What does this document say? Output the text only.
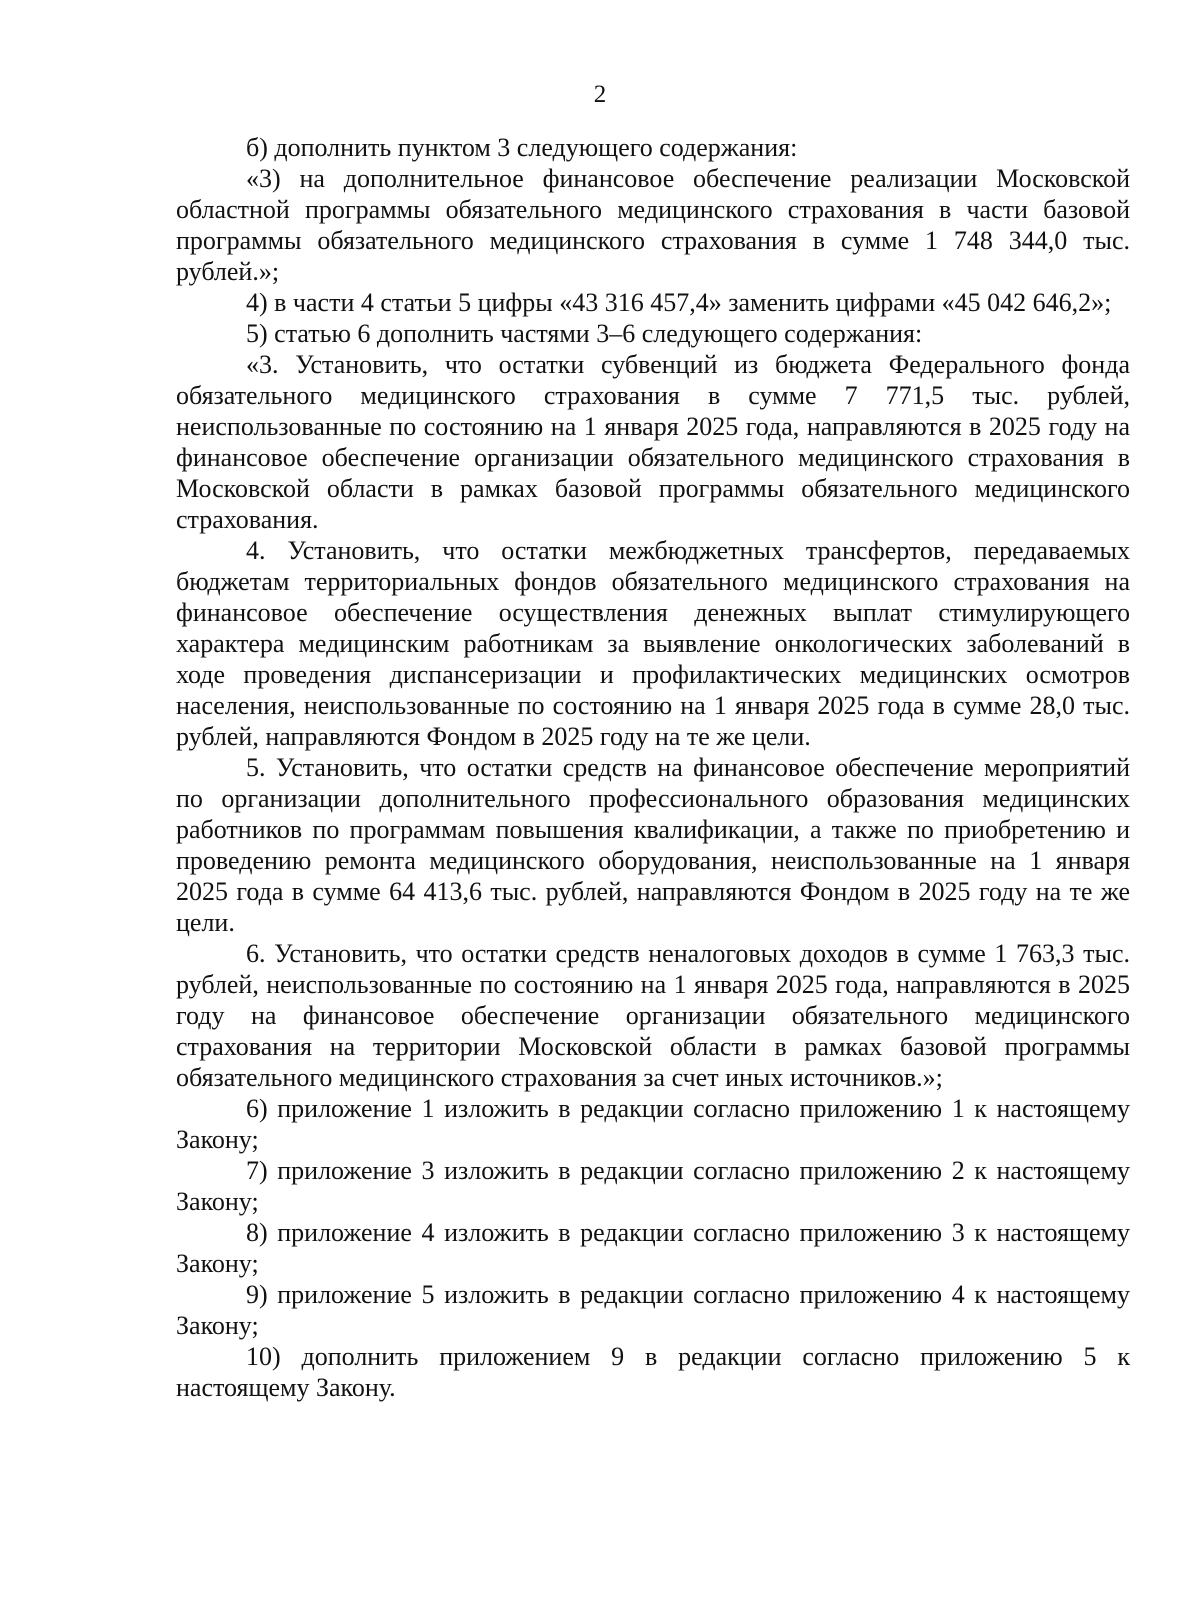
2

б) дополнить пунктом 3 следующего содержания:

«3) на дополнительное финансовое обеспечение реализации Московской областной программы обязательного медицинского страхования в части базовой программы обязательного медицинского страхования в сумме 1 748 344,0 тыс. рублей.»;

4) в части 4 статьи 5 цифры «43 316 457,4» заменить цифрами «45 042 646,2»;

5) статью 6 дополнить частями 3–6 следующего содержания:

«3. Установить, что остатки субвенций из бюджета Федерального фонда обязательного медицинского страхования в сумме 7 771,5 тыс. рублей, неиспользованные по состоянию на 1 января 2025 года, направляются в 2025 году на финансовое обеспечение организации обязательного медицинского страхования в Московской области в рамках базовой программы обязательного медицинского страхования.

4. Установить, что остатки межбюджетных трансфертов, передаваемых бюджетам территориальных фондов обязательного медицинского страхования на финансовое обеспечение осуществления денежных выплат стимулирующего характера медицинским работникам за выявление онкологических заболеваний в ходе проведения диспансеризации и профилактических медицинских осмотров населения, неиспользованные по состоянию на 1 января 2025 года в сумме 28,0 тыс. рублей, направляются Фондом в 2025 году на те же цели.

5. Установить, что остатки средств на финансовое обеспечение мероприятий по организации дополнительного профессионального образования медицинских работников по программам повышения квалификации, а также по приобретению и проведению ремонта медицинского оборудования, неиспользованные на 1 января 2025 года в сумме 64 413,6 тыс. рублей, направляются Фондом в 2025 году на те же цели.

6. Установить, что остатки средств неналоговых доходов в сумме 1 763,3 тыс. рублей, неиспользованные по состоянию на 1 января 2025 года, направляются в 2025 году на финансовое обеспечение организации обязательного медицинского страхования на территории Московской области в рамках базовой программы обязательного медицинского страхования за счет иных источников.»;

6) приложение 1 изложить в редакции согласно приложению 1 к настоящему Закону;

7) приложение 3 изложить в редакции согласно приложению 2 к настоящему Закону;

8) приложение 4 изложить в редакции согласно приложению 3 к настоящему Закону;

9) приложение 5 изложить в редакции согласно приложению 4 к настоящему Закону;

10) дополнить приложением 9 в редакции согласно приложению 5 к настоящему Закону.
